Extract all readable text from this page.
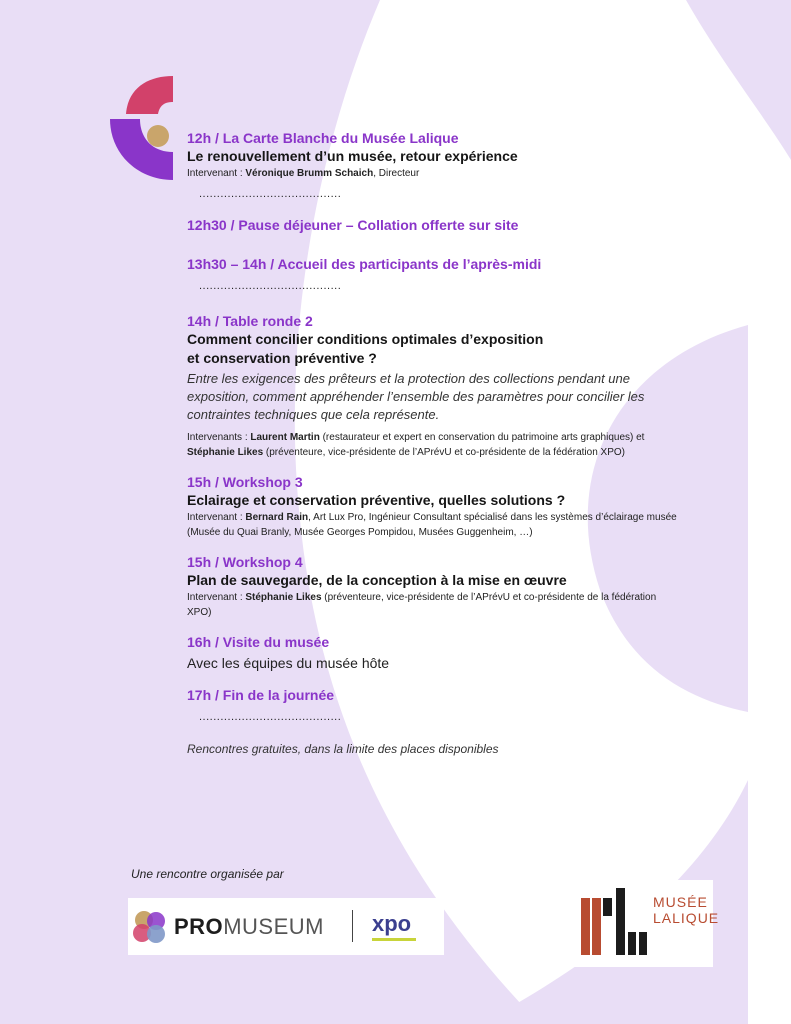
12h / La Carte Blanche du Musée Lalique
Le renouvellement d’un musée, retour expérience
Intervenant : Véronique Brumm Schaich, Directeur
........................................
12h30 / Pause déjeuner – Collation offerte sur site
13h30 – 14h / Accueil des participants de l’après-midi
........................................
14h / Table ronde 2
Comment concilier conditions optimales d’exposition
et conservation préventive ?
Entre les exigences des prêteurs et la protection des collections pendant une exposition, comment appréhender l’ensemble des paramètres pour concilier les contraintes techniques que cela représente.
Intervenants : Laurent Martin (restaurateur et expert en conservation du patrimoine arts graphiques) et Stéphanie Likes (préventeure, vice-présidente de l’APrévU et co-présidente de la fédération XPO)
15h / Workshop 3
Eclairage et conservation préventive, quelles solutions ?
Intervenant : Bernard Rain, Art Lux Pro, Ingénieur Consultant spécialisé dans les systèmes d’éclairage musée (Musée du Quai Branly, Musée Georges Pompidou, Musées Guggenheim, …)
15h / Workshop 4
Plan de sauvegarde, de la conception à la mise en œuvre
Intervenant : Stéphanie Likes (préventeure, vice-présidente de l’APrévU et co-présidente de la fédération XPO)
16h / Visite du musée
Avec les équipes du musée hôte
17h / Fin de la journée
........................................
Rencontres gratuites, dans la limite des places disponibles
Une rencontre organisée par
PROMUSEUM xpo
MUSÉE
LALIQUE
